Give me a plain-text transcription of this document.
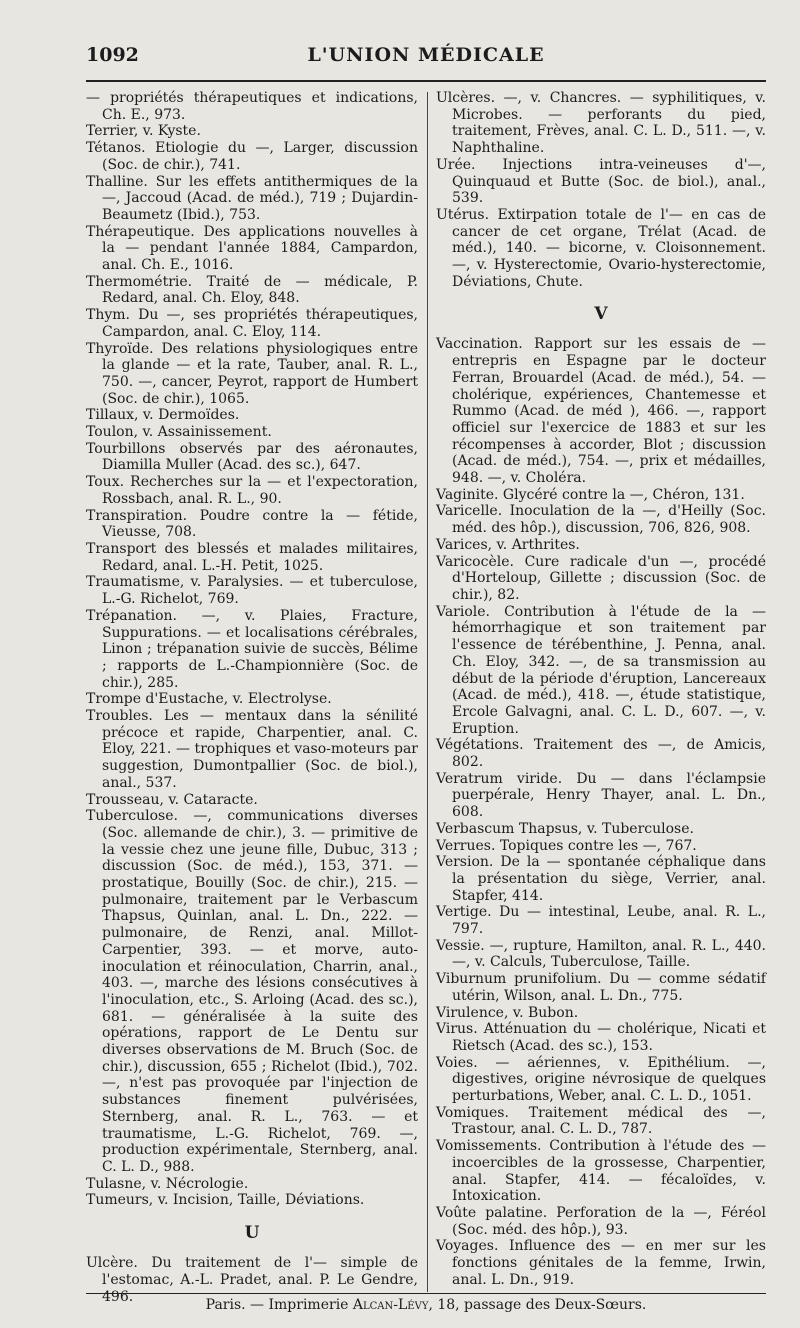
1092	L'UNION MÉDICALE

— propriétés thérapeutiques et indications, Ch. E., 973.

Terrier, v. Kyste.

Tétanos. Etiologie du —, Larger, discussion (Soc. de chir.), 741.

Thalline. Sur les effets antithermiques de la —, Jaccoud (Acad. de méd.), 719 ; Dujardin-Beaumetz (Ibid.), 753.

Thérapeutique. Des applications nouvelles à la — pendant l'année 1884, Campardon, anal. Ch. E., 1016.

Thermométrie. Traité de — médicale, P. Redard, anal. Ch. Eloy, 848.

Thym. Du —, ses propriétés thérapeutiques, Campardon, anal. C. Eloy, 114.

Thyroïde. Des relations physiologiques entre la glande — et la rate, Tauber, anal. R. L., 750. —, cancer, Peyrot, rapport de Humbert (Soc. de chir.), 1065.

Tillaux, v. Dermoïdes.

Toulon, v. Assainissement.

Tourbillons observés par des aéronautes, Diamilla Muller (Acad. des sc.), 647.

Toux. Recherches sur la — et l'expectoration, Rossbach, anal. R. L., 90.

Transpiration. Poudre contre la — fétide, Vieusse, 708.

Transport des blessés et malades militaires, Redard, anal. L.-H. Petit, 1025.

Traumatisme, v. Paralysies. — et tuberculose, L.-G. Richelot, 769.

Trépanation. —, v. Plaies, Fracture, Suppurations. — et localisations cérébrales, Linon ; trépanation suivie de succès, Bélime ; rapports de L.-Championnière (Soc. de chir.), 285.

Trompe d'Eustache, v. Electrolyse.

Troubles. Les — mentaux dans la sénilité précoce et rapide, Charpentier, anal. C. Eloy, 221. — trophiques et vaso-moteurs par suggestion, Dumontpallier (Soc. de biol.), anal., 537.

Trousseau, v. Cataracte.

Tuberculose. —, communications diverses (Soc. allemande de chir.), 3. — primitive de la vessie chez une jeune fille, Dubuc, 313 ; discussion (Soc. de méd.), 153, 371. —prostatique, Bouilly (Soc. de chir.), 215. — pulmonaire, traitement par le Verbascum Thapsus, Quinlan, anal. L. Dn., 222. — pulmonaire, de Renzi, anal. Millot-Carpentier, 393. — et morve, auto-inoculation et réinoculation, Charrin, anal., 403. —, marche des lésions consécutives à l'inoculation, etc., S. Arloing (Acad. des sc.), 681. — généralisée à la suite des opérations, rapport de Le Dentu sur diverses observations de M. Bruch (Soc. de chir.), discussion, 655 ; Richelot (Ibid.), 702. —, n'est pas provoquée par l'injection de substances finement pulvérisées, Sternberg, anal. R. L., 763. — et traumatisme, L.-G. Richelot, 769. —, production expérimentale, Sternberg, anal. C. L. D., 988.

Tulasne, v. Nécrologie.

Tumeurs, v. Incision, Taille, Déviations.

U

Ulcère. Du traitement de l'— simple de l'estomac, A.-L. Pradet, anal. P. Le Gendre, 496.

Ulcères. —, v. Chancres. — syphilitiques, v. Microbes. — perforants du pied, traitement, Frèves, anal. C. L. D., 511. —, v. Naphthaline.

Urée. Injections intra-veineuses d'—, Quinquaud et Butte (Soc. de biol.), anal., 539.

Utérus. Extirpation totale de l'— en cas de cancer de cet organe, Trélat (Acad. de méd.), 140. — bicorne, v. Cloisonnement. —, v. Hysterectomie, Ovario-hysterectomie, Déviations, Chute.

V

Vaccination. Rapport sur les essais de — entrepris en Espagne par le docteur Ferran, Brouardel (Acad. de méd.), 54. — cholérique, expériences, Chantemesse et Rummo (Acad. de méd ), 466. —, rapport officiel sur l'exercice de 1883 et sur les récompenses à accorder, Blot ; discussion (Acad. de méd.), 754. —, prix et médailles, 948. —, v. Choléra.

Vaginite. Glycéré contre la —, Chéron, 131.

Varicelle. Inoculation de la —, d'Heilly (Soc. méd. des hôp.), discussion, 706, 826, 908.

Varices, v. Arthrites.

Varicocèle. Cure radicale d'un —, procédé d'Horteloup, Gillette ; discussion (Soc. de chir.), 82.

Variole. Contribution à l'étude de la — hémorrhagique et son traitement par l'essence de térébenthine, J. Penna, anal. Ch. Eloy, 342. —, de sa transmission au début de la période d'éruption, Lancereaux (Acad. de méd.), 418. —, étude statistique, Ercole Galvagni, anal. C. L. D., 607. —, v. Eruption.

Végétations. Traitement des —, de Amicis, 802.

Veratrum viride. Du — dans l'éclampsie puerpérale, Henry Thayer, anal. L. Dn., 608.

Verbascum Thapsus, v. Tuberculose.

Verrues. Topiques contre les —, 767.

Version. De la — spontanée céphalique dans la présentation du siège, Verrier, anal. Stapfer, 414.

Vertige. Du — intestinal, Leube, anal. R. L., 797.

Vessie. —, rupture, Hamilton, anal. R. L., 440. —, v. Calculs, Tuberculose, Taille.

Viburnum prunifolium. Du — comme sédatif utérin, Wilson, anal. L. Dn., 775.

Virulence, v. Bubon.

Virus. Atténuation du — cholérique, Nicati et Rietsch (Acad. des sc.), 153.

Voies. — aériennes, v. Epithélium. —, digestives, origine névrosique de quelques perturbations, Weber, anal. C. L. D., 1051.

Vomiques. Traitement médical des —, Trastour, anal. C. L. D., 787.

Vomissements. Contribution à l'étude des — incoercibles de la grossesse, Charpentier, anal. Stapfer, 414. — fécaloïdes, v. Intoxication.

Voûte palatine. Perforation de la —, Féréol (Soc. méd. des hôp.), 93.

Voyages. Influence des — en mer sur les fonctions génitales de la femme, Irwin, anal. L. Dn., 919.

Paris. — Imprimerie Alcan-Lévy, 18, passage des Deux-Sœurs.
